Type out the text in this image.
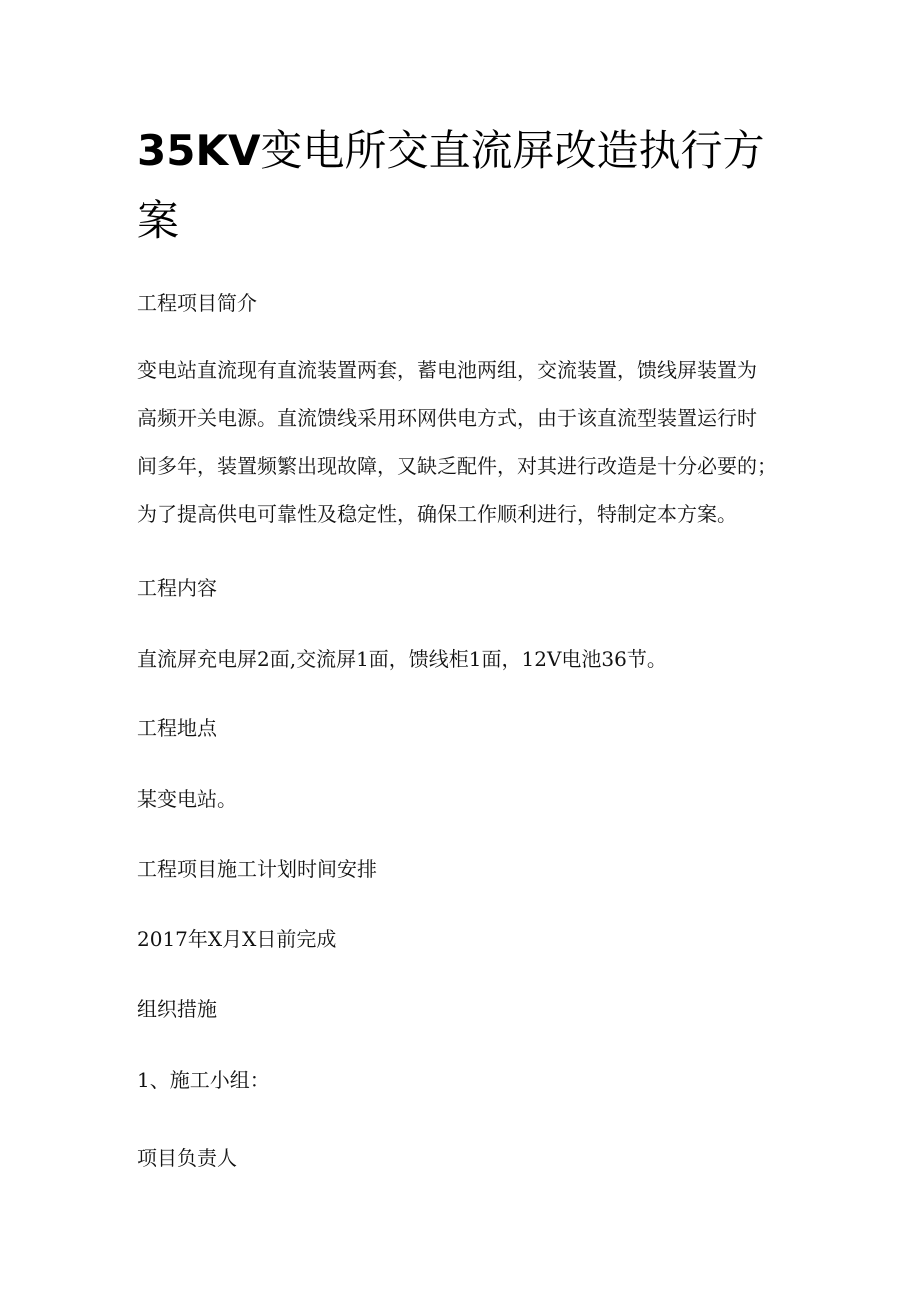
35KV变电所交直流屏改造执行方案

工程项目简介

变电站直流现有直流装置两套，蓄电池两组，交流装置，馈线屏装置为
高频开关电源。直流馈线采用环网供电方式，由于该直流型装置运行时
间多年，装置频繁出现故障，又缺乏配件，对其进行改造是十分必要的；
为了提高供电可靠性及稳定性，确保工作顺利进行，特制定本方案。

工程内容

直流屏充电屏2面,交流屏1面，馈线柜1面，12V电池36节。

工程地点

某变电站。

工程项目施工计划时间安排

2017年X月X日前完成

组织措施

1、施工小组：

项目负责人
